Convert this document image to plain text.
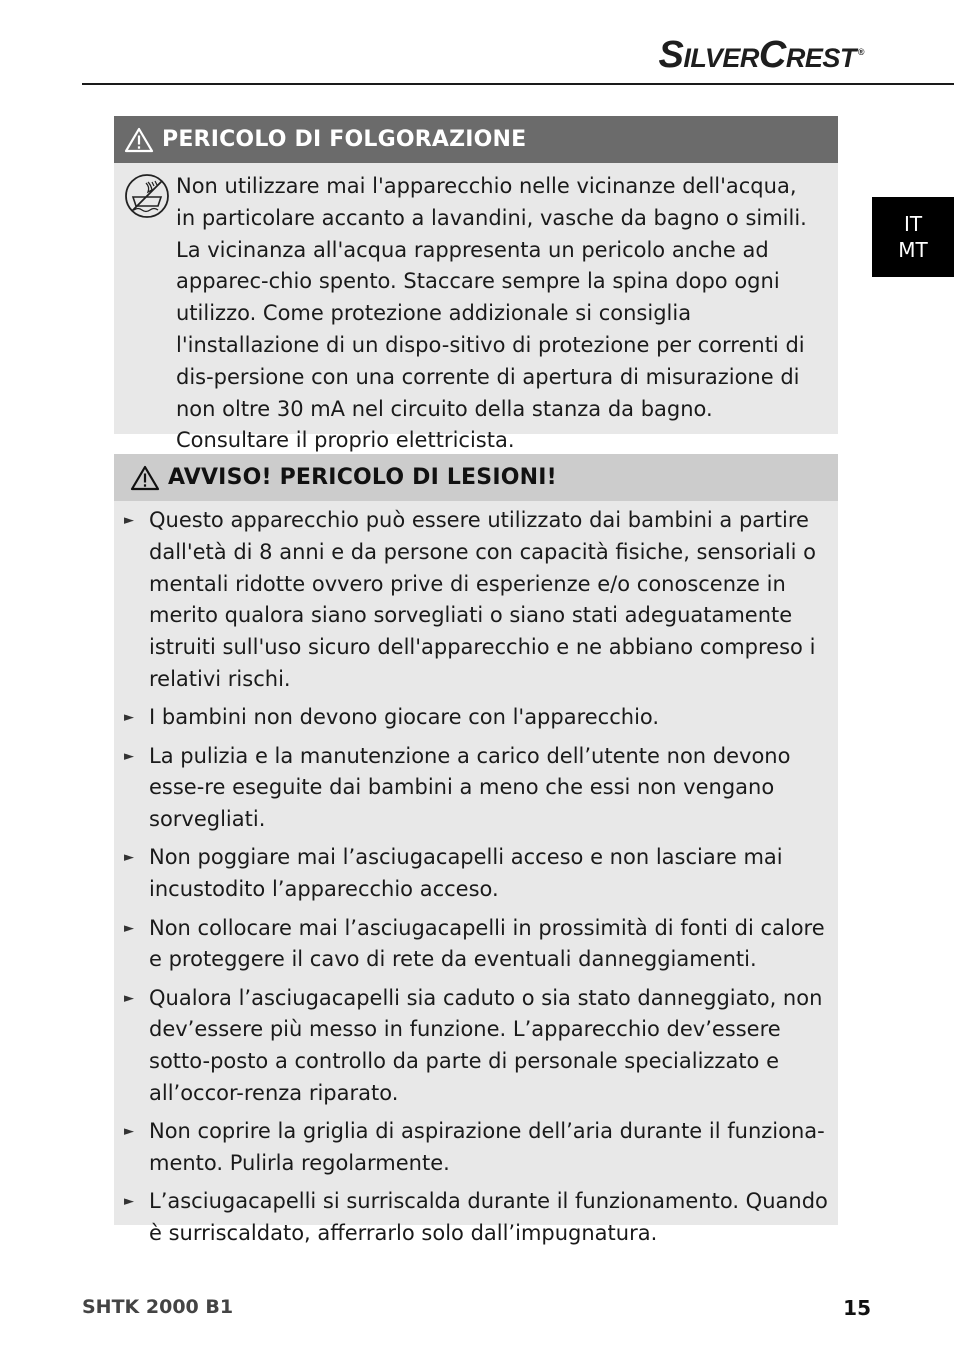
SILVERCREST ®
IT
MT
PERICOLO DI FOLGORAZIONE

Non utilizzare mai l'apparecchio nelle vicinanze dell'acqua, in particolare accanto a lavandini, vasche da bagno o simili. La vicinanza all'acqua rappresenta un pericolo anche ad apparec-chio spento. Staccare sempre la spina dopo ogni utilizzo. Come protezione addizionale si consiglia l'installazione di un dispo-sitivo di protezione per correnti di dis-persione con una corrente di apertura di misurazione di non oltre 30 mA nel circuito della stanza da bagno. Consultare il proprio elettricista.

AVVISO! PERICOLO DI LESIONI!
► Questo apparecchio può essere utilizzato dai bambini a partire dall'età di 8 anni e da persone con capacità fisiche, sensoriali o mentali ridotte ovvero prive di esperienze e/o conoscenze in merito qualora siano sorvegliati o siano stati adeguatamente istruiti sull'uso sicuro dell'apparecchio e ne abbiano compreso i relativi rischi.
► I bambini non devono giocare con l'apparecchio.
► La pulizia e la manutenzione a carico dell’utente non devono esse-re eseguite dai bambini a meno che essi non vengano sorvegliati.
► Non poggiare mai l’asciugacapelli acceso e non lasciare mai incustodito l’apparecchio acceso.
► Non collocare mai l’asciugacapelli in prossimità di fonti di calore e proteggere il cavo di rete da eventuali danneggiamenti.
► Qualora l’asciugacapelli sia caduto o sia stato danneggiato, non dev’essere più messo in funzione. L’apparecchio dev’essere sotto-posto a controllo da parte di personale specializzato e all’occor-renza riparato.
► Non coprire la griglia di aspirazione dell’aria durante il funziona-mento. Pulirla regolarmente.
► L’asciugacapelli si surriscalda durante il funzionamento. Quando è surriscaldato, afferrarlo solo dall’impugnatura.
SHTK 2000 B1	15
